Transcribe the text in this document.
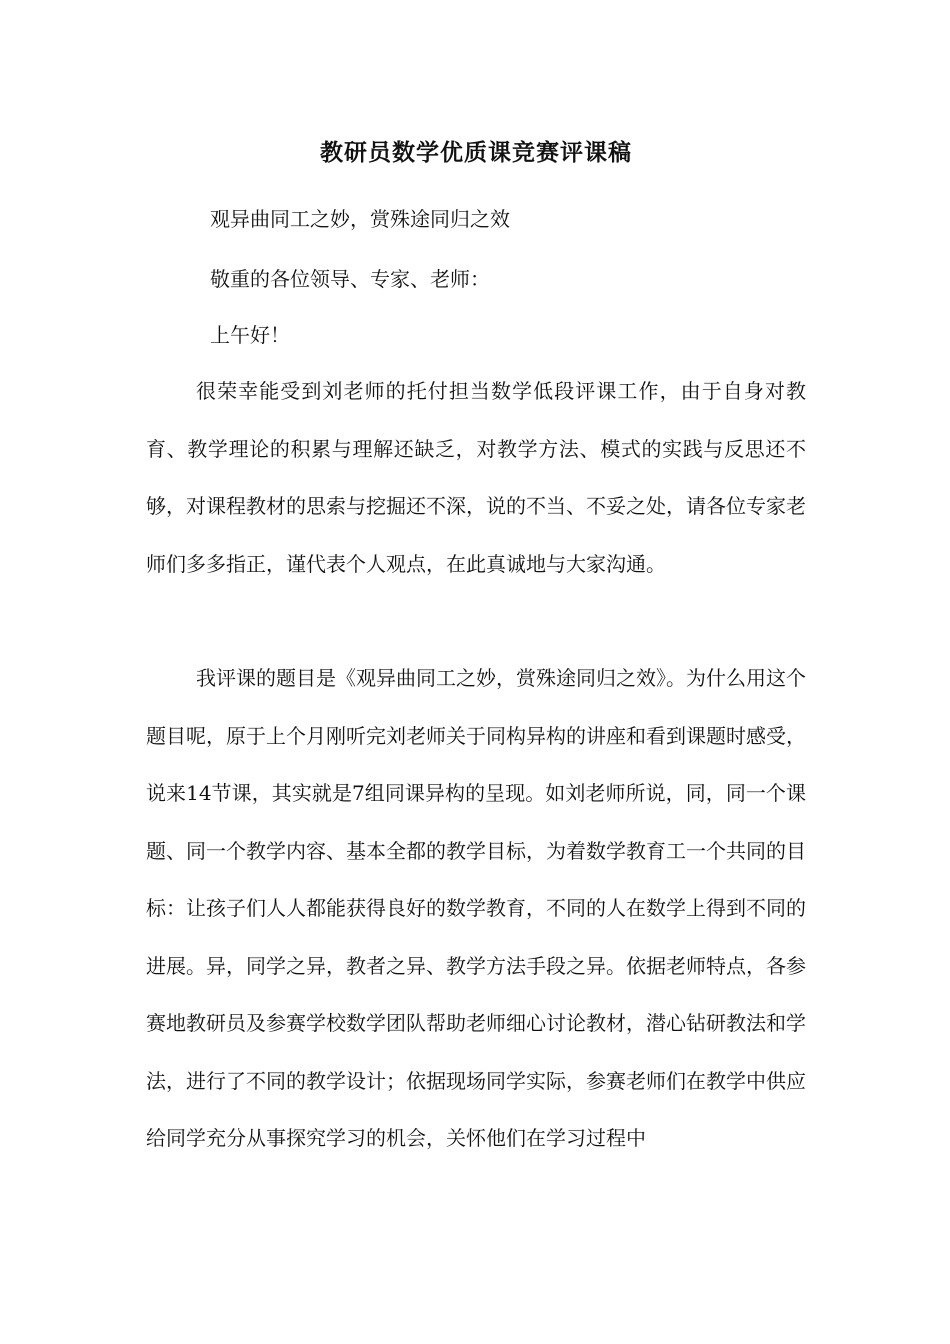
教研员数学优质课竞赛评课稿
观异曲同工之妙，赏殊途同归之效
敬重的各位领导、专家、老师：
上午好！
很荣幸能受到刘老师的托付担当数学低段评课工作，由于自身对教育、教学理论的积累与理解还缺乏，对教学方法、模式的实践与反思还不够，对课程教材的思索与挖掘还不深，说的不当、不妥之处，请各位专家老师们多多指正，谨代表个人观点，在此真诚地与大家沟通。
我评课的题目是《观异曲同工之妙，赏殊途同归之效》。为什么用这个题目呢，原于上个月刚听完刘老师关于同构异构的讲座和看到课题时感受，说来14节课，其实就是7组同课异构的呈现。如刘老师所说，同，同一个课题、同一个教学内容、基本全都的教学目标，为着数学教育工一个共同的目标：让孩子们人人都能获得良好的数学教育，不同的人在数学上得到不同的进展。异，同学之异，教者之异、教学方法手段之异。依据老师特点，各参赛地教研员及参赛学校数学团队帮助老师细心讨论教材，潜心钻研教法和学法，进行了不同的教学设计；依据现场同学实际，参赛老师们在教学中供应给同学充分从事探究学习的机会，关怀他们在学习过程中
